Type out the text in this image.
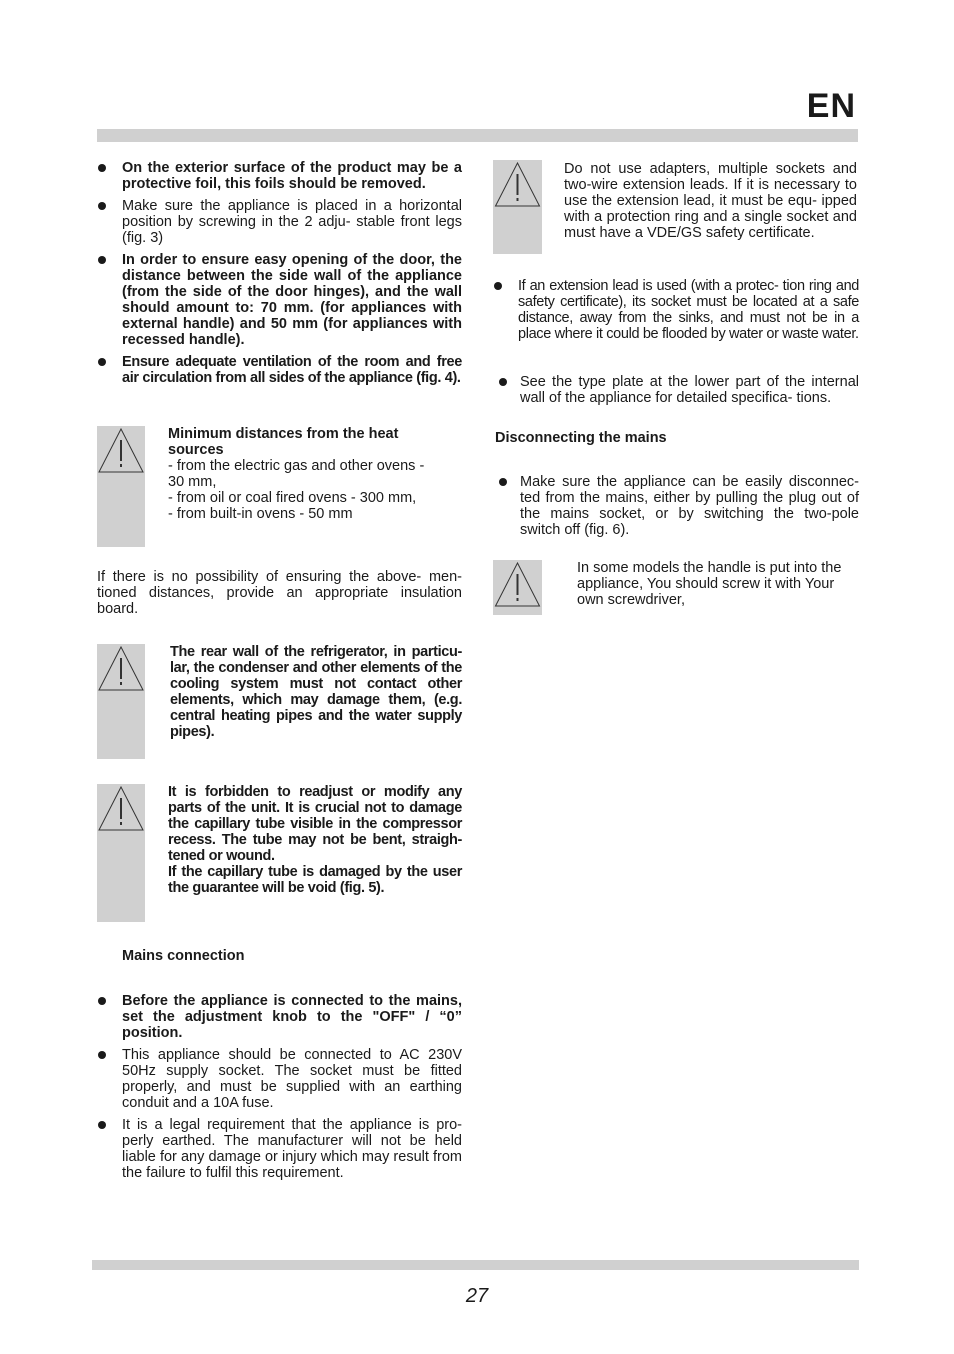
EN
On the exterior surface of the product may be a protective foil, this foils should be removed.
Make sure the appliance is placed in a horizontal position by screwing in the 2 adju- stable front legs (fig. 3)
In order to ensure easy opening of the door, the distance between the side wall of the appliance (from the side of the door hinges), and the wall should amount to: 70 mm. (for appliances with external handle) and 50 mm (for appliances with recessed handle).
Ensure adequate ventilation of the room and free air circulation from all sides of the appliance (fig. 4).
Minimum distances from the heat sources
- from the electric gas and other ovens - 30 mm,
- from oil or coal fired ovens - 300 mm,
- from built-in ovens - 50 mm
If there is no possibility of ensuring the above- men- tioned distances, provide an appropriate insulation board.
The rear wall of the refrigerator, in particu- lar, the condenser and other elements of the cooling system must not contact other elements, which may damage them, (e.g. central heating pipes and the water supply pipes).
It is forbidden to readjust or modify any parts of the unit. It is crucial not to damage the capillary tube visible in the compressor recess. The tube may not be bent, straigh- tened or wound.
If the capillary tube is damaged by the user the guarantee will be void (fig. 5).
Mains connection
Before the appliance is connected to the mains, set the adjustment knob to the "OFF" / “0” position.
This appliance should be connected to AC 230V 50Hz supply socket. The socket must be fitted properly, and must be supplied with an earthing conduit and a 10A fuse.
It is a legal requirement that the appliance is pro- perly earthed. The manufacturer will not be held liable for any damage or injury which may result from the failure to fulfil this requirement.
Do not use adapters, multiple sockets and two-wire extension leads. If it is necessary to use the extension lead, it must be equ- ipped with a protection ring and a single socket and must have a VDE/GS safety certificate.
If an extension lead is used (with a protec- tion ring and safety certificate), its socket must be located at a safe distance, away from the sinks, and must not be in a place where it could be flooded by water or waste water.
See the type plate at the lower part of the internal wall of the appliance for detailed specifica- tions.
Disconnecting the mains
Make sure the appliance can be easily disconnec- ted from the mains, either by pulling the plug out of the mains socket, or by switching the two-pole switch off (fig. 6).
In some models the handle is put into the appliance, You should screw it with Your own screwdriver,
27
